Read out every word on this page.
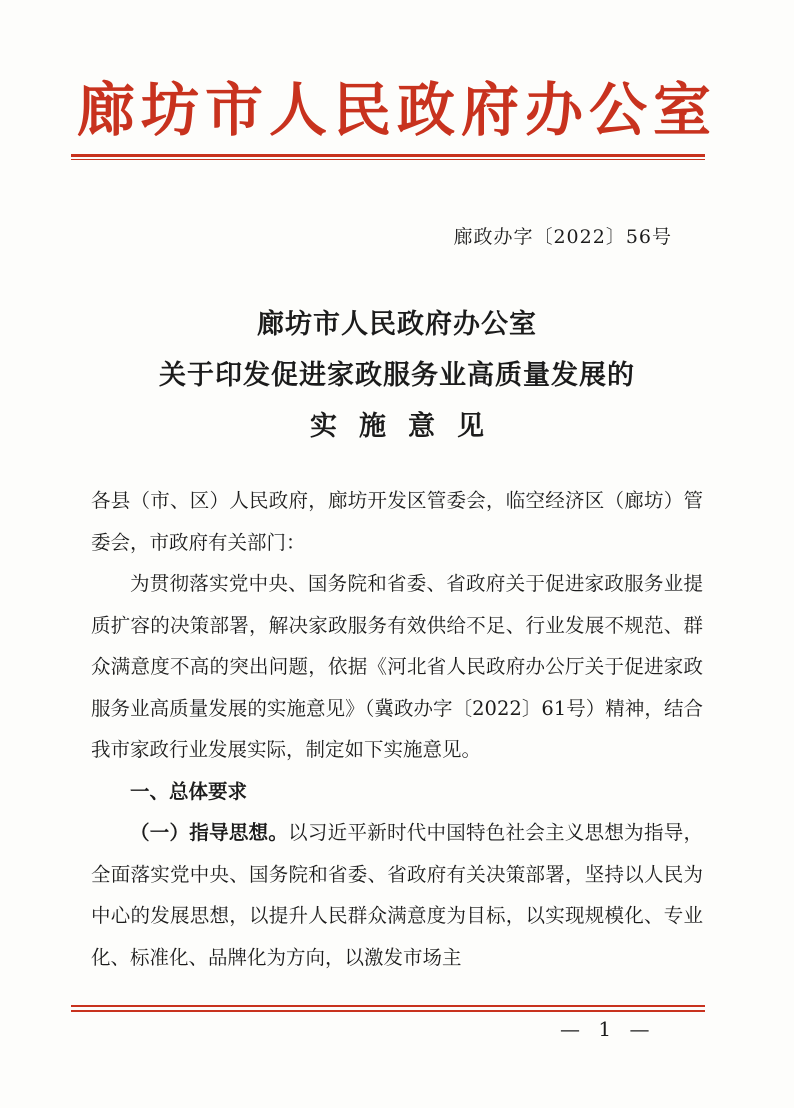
廊坊市人民政府办公室
廊政办字〔2022〕56号
廊坊市人民政府办公室
关于印发促进家政服务业高质量发展的
实施意见

各县（市、区）人民政府，廊坊开发区管委会，临空经济区（廊坊）管委会，市政府有关部门：

为贯彻落实党中央、国务院和省委、省政府关于促进家政服务业提质扩容的决策部署，解决家政服务有效供给不足、行业发展不规范、群众满意度不高的突出问题，依据《河北省人民政府办公厅关于促进家政服务业高质量发展的实施意见》（冀政办字〔2022〕61号）精神，结合我市家政行业发展实际，制定如下实施意见。

一、总体要求

（一）指导思想。以习近平新时代中国特色社会主义思想为指导，全面落实党中央、国务院和省委、省政府有关决策部署，坚持以人民为中心的发展思想，以提升人民群众满意度为目标，以实现规模化、专业化、标准化、品牌化为方向，以激发市场主

— 1 —
